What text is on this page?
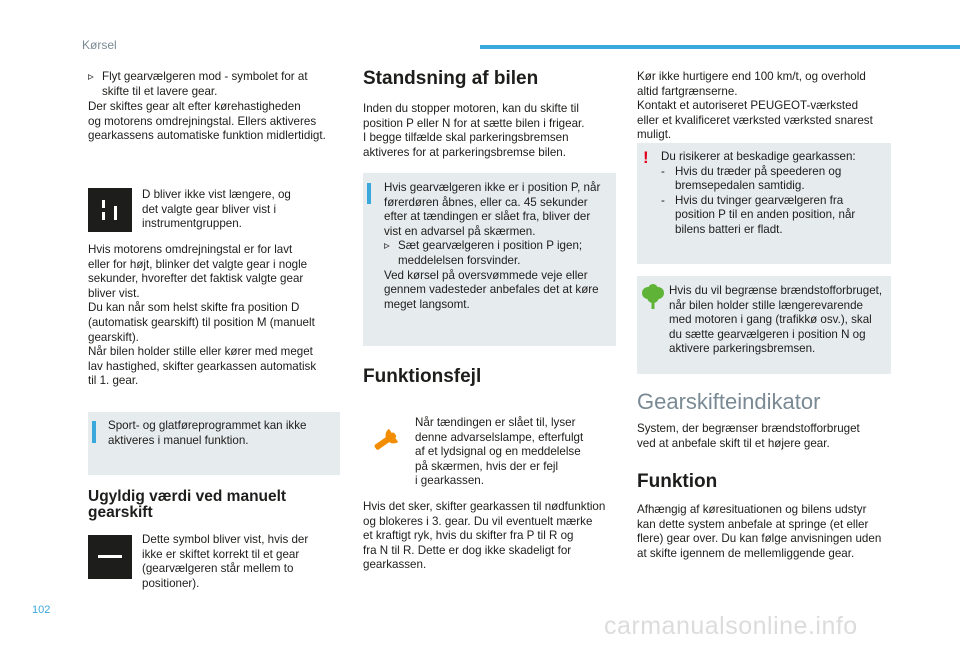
Kørsel
▹ Flyt gearvælgeren mod - symbolet for at
skifte til et lavere gear.
Der skiftes gear alt efter kørehastigheden
og motorens omdrejningstal. Ellers aktiveres
gearkassens automatiske funktion midlertidigt.
D bliver ikke vist længere, og
det valgte gear bliver vist i
instrumentgruppen.
Hvis motorens omdrejningstal er for lavt
eller for højt, blinker det valgte gear i nogle
sekunder, hvorefter det faktisk valgte gear
bliver vist.
Du kan når som helst skifte fra position D
(automatisk gearskift) til position M (manuelt
gearskift).
Når bilen holder stille eller kører med meget
lav hastighed, skifter gearkassen automatisk
til 1. gear.
Sport- og glatføreprogrammet kan ikke
aktiveres i manuel funktion.
Ugyldig værdi ved manuelt
gearskift
Dette symbol bliver vist, hvis der
ikke er skiftet korrekt til et gear
(gearvælgeren står mellem to
positioner).
Standsning af bilen
Inden du stopper motoren, kan du skifte til
position P eller N for at sætte bilen i frigear.
I begge tilfælde skal parkeringsbremsen
aktiveres for at parkeringsbremse bilen.
Hvis gearvælgeren ikke er i position P, når
førerdøren åbnes, eller ca. 45 sekunder
efter at tændingen er slået fra, bliver der
vist en advarsel på skærmen.
▹ Sæt gearvælgeren i position P igen;
meddelelsen forsvinder.
Ved kørsel på oversvømmede veje eller
gennem vadesteder anbefales det at køre
meget langsomt.
Funktionsfejl
Når tændingen er slået til, lyser
denne advarselslampe, efterfulgt
af et lydsignal og en meddelelse
på skærmen, hvis der er fejl
i gearkassen.
Hvis det sker, skifter gearkassen til nødfunktion
og blokeres i 3. gear. Du vil eventuelt mærke
et kraftigt ryk, hvis du skifter fra P til R og
fra N til R. Dette er dog ikke skadeligt for
gearkassen.
Kør ikke hurtigere end 100 km/t, og overhold
altid fartgrænserne.
Kontakt et autoriseret PEUGEOT-værksted
eller et kvalificeret værksted værksted snarest
muligt.
! Du risikerer at beskadige gearkassen:
- Hvis du træder på speederen og
bremsepedalen samtidig.
- Hvis du tvinger gearvælgeren fra
position P til en anden position, når
bilens batteri er fladt.
Hvis du vil begrænse brændstofforbruget,
når bilen holder stille længerevarende
med motoren i gang (trafikkø osv.), skal
du sætte gearvælgeren i position N og
aktivere parkeringsbremsen.
Gearskifteindikator
System, der begrænser brændstofforbruget
ved at anbefale skift til et højere gear.
Funktion
Afhængig af køresituationen og bilens udstyr
kan dette system anbefale at springe (et eller
flere) gear over. Du kan følge anvisningen uden
at skifte igennem de mellemliggende gear.
102
carmanualsonline.info
